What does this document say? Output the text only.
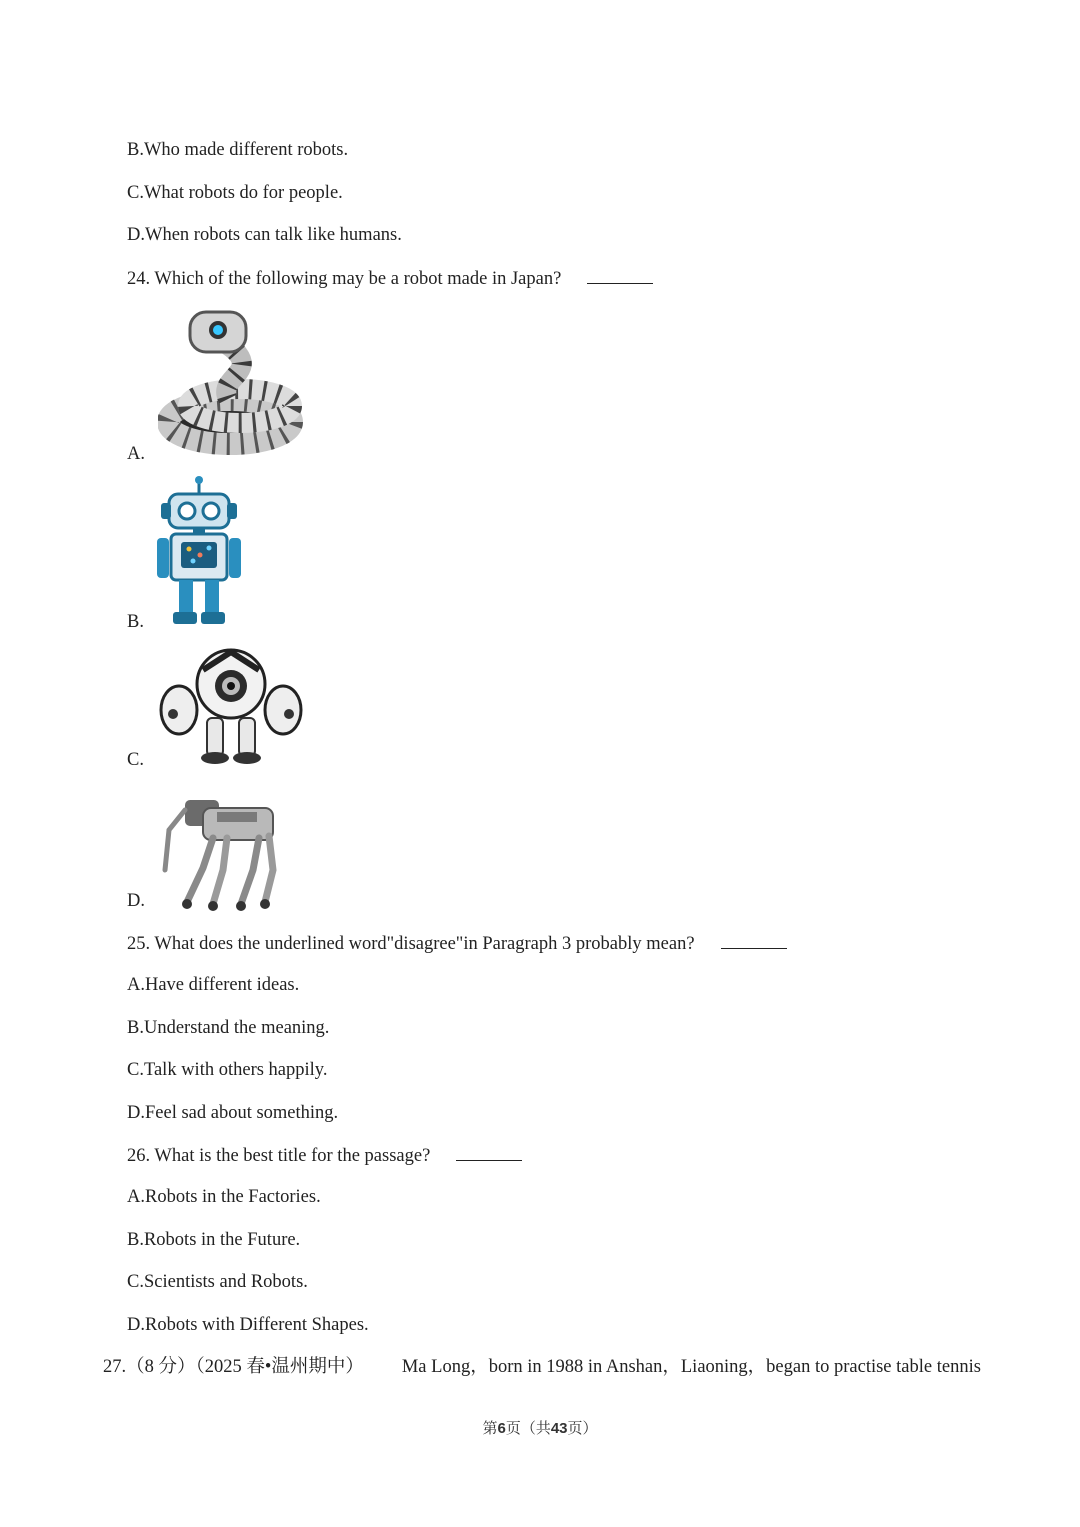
B.Who made different robots.
C.What robots do for people.
D.When robots can talk like humans.
24. Which of the following may be a robot made in Japan?
A.
B.
C.
D.
25. What does the underlined word"disagree"in Paragraph 3 probably mean?
A.Have different ideas.
B.Understand the meaning.
C.Talk with others happily.
D.Feel sad about something.
26. What is the best title for the passage?
A.Robots in the Factories.
B.Robots in the Future.
C.Scientists and Robots.
D.Robots with Different Shapes.
27.（8 分）（2025 春•温州期中） Ma Long，born in 1988 in Anshan，Liaoning，began to practise table tennis
第6页（共43页）
